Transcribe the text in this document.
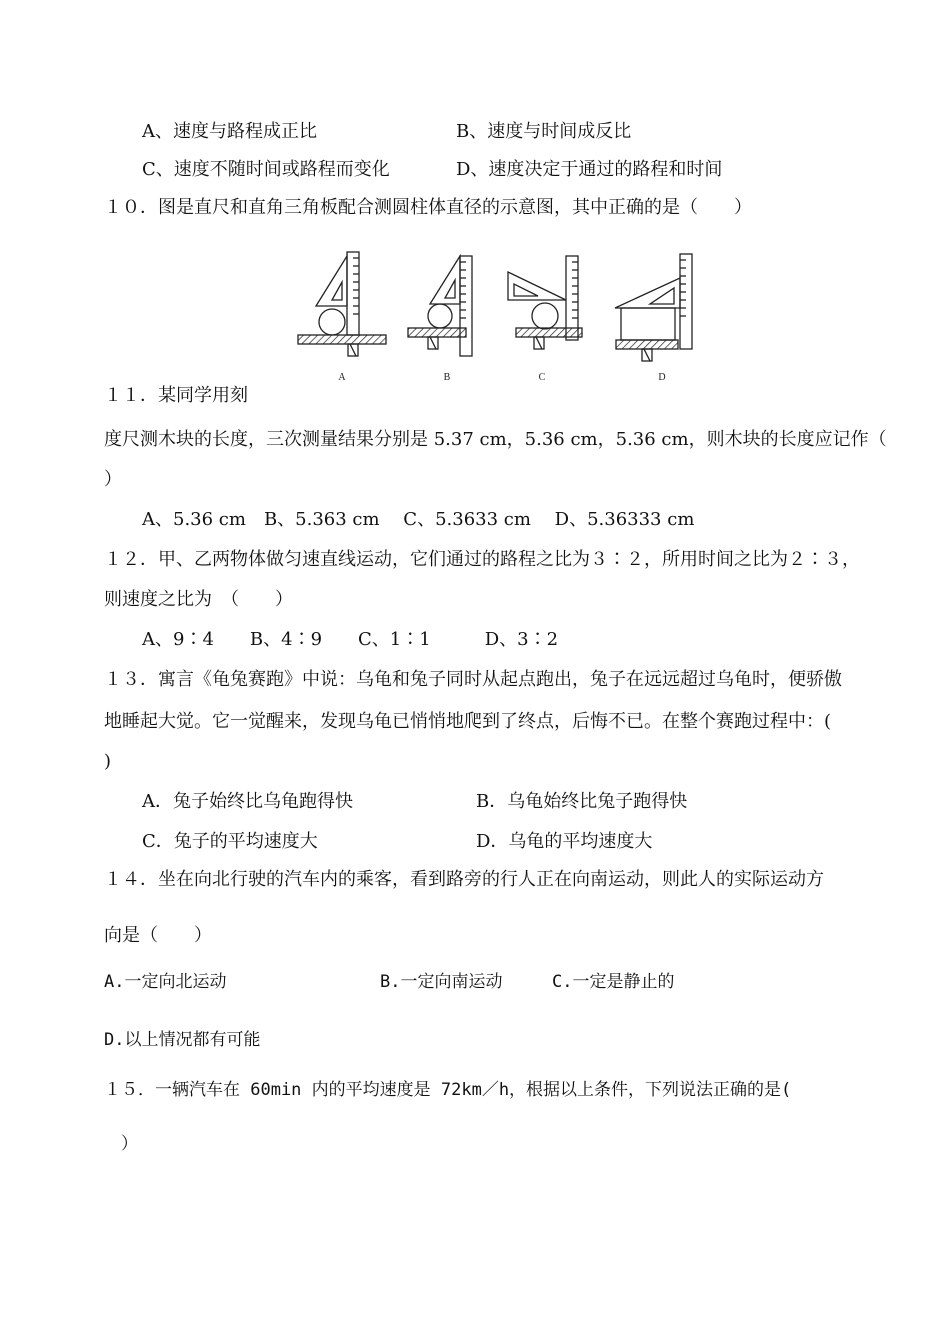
A、速度与路程成正比	B、速度与时间成反比
C、速度不随时间或路程而变化	D、速度决定于通过的路程和时间
１０．图是直尺和直角三角板配合测圆柱体直径的示意图，其中正确的是（　　）
A	B	C	D
１１．某同学用刻
度尺测木块的长度，三次测量结果分别是 5.37 cm，5.36 cm，5.36 cm，则木块的长度应记作（
）
A、5.36 cm　B、5.363 cm　 C、5.3633 cm　 D、5.36333 cm
１２．甲、乙两物体做匀速直线运动，它们通过的路程之比为３∶２，所用时间之比为２∶３，
则速度之比为　（　　）
A、9∶4　　B、4∶9　　C、1∶1　　　D、3∶2
１３．寓言《龟兔赛跑》中说：乌龟和兔子同时从起点跑出，兔子在远远超过乌龟时，便骄傲
地睡起大觉。它一觉醒来，发现乌龟已悄悄地爬到了终点，后悔不已。在整个赛跑过程中：(
)
A．兔子始终比乌龟跑得快	B．乌龟始终比兔子跑得快
C．兔子的平均速度大	D．乌龟的平均速度大
１４．坐在向北行驶的汽车内的乘客，看到路旁的行人正在向南运动，则此人的实际运动方
向是（　　）
A.一定向北运动	B.一定向南运动	C.一定是静止的
D.以上情况都有可能
１５．一辆汽车在 60min 内的平均速度是 72km／h，根据以上条件，下列说法正确的是(
　）
